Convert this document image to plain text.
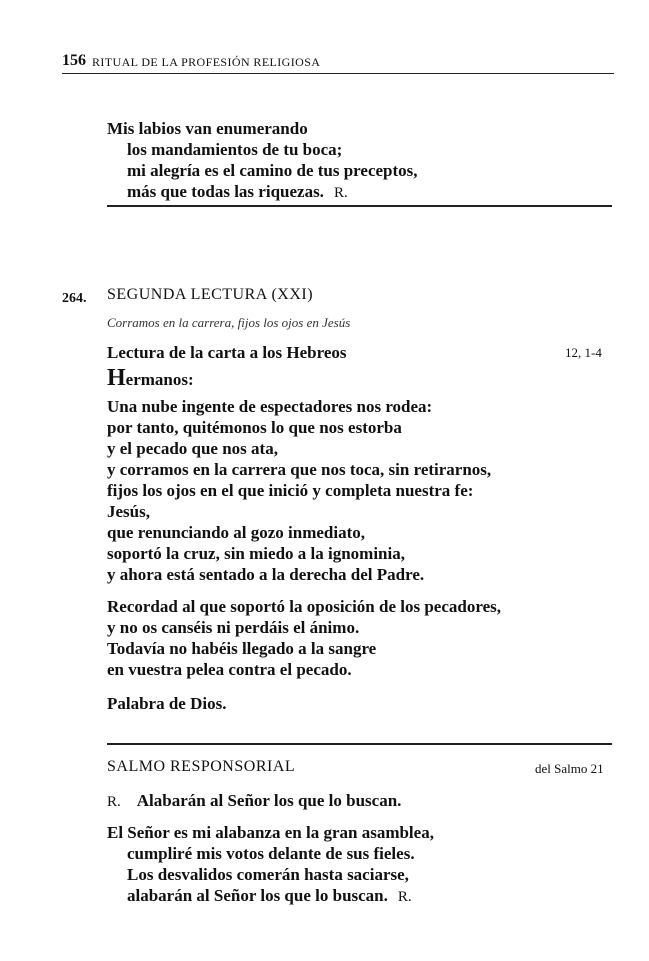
156 RITUAL DE LA PROFESIÓN RELIGIOSA
Mis labios van enumerando
los mandamientos de tu boca;
mi alegría es el camino de tus preceptos,
más que todas las riquezas. R.
264. SEGUNDA LECTURA (XXI)
Corramos en la carrera, fijos los ojos en Jesús
Lectura de la carta a los Hebreos	12, 1-4
Hermanos:
Una nube ingente de espectadores nos rodea:
por tanto, quitémonos lo que nos estorba
y el pecado que nos ata,
y corramos en la carrera que nos toca, sin retirarnos,
fijos los ojos en el que inició y completa nuestra fe:
Jesús,
que renunciando al gozo inmediato,
soportó la cruz, sin miedo a la ignominia,
y ahora está sentado a la derecha del Padre.
Recordad al que soportó la oposición de los pecadores,
y no os canséis ni perdáis el ánimo.
Todavía no habéis llegado a la sangre
en vuestra pelea contra el pecado.
Palabra de Dios.
SALMO RESPONSORIAL	del Salmo 21
R. Alabarán al Señor los que lo buscan.
El Señor es mi alabanza en la gran asamblea,
cumpliré mis votos delante de sus fieles.
Los desvalidos comerán hasta saciarse,
alabarán al Señor los que lo buscan. R.
